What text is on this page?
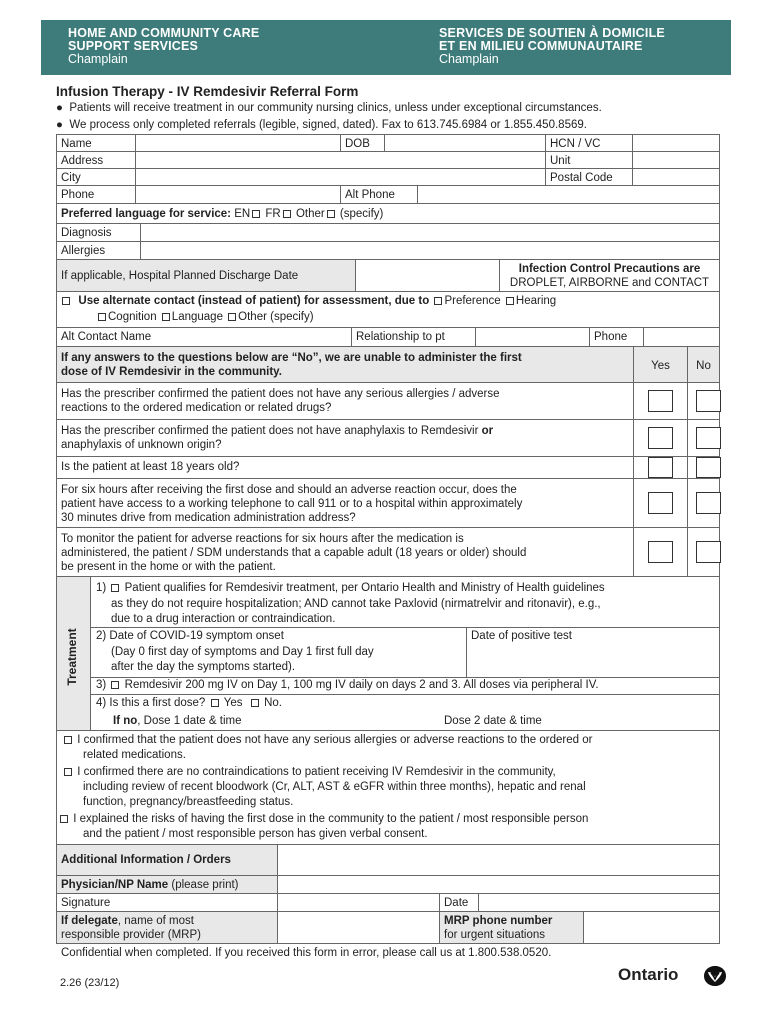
HOME AND COMMUNITY CARE
SUPPORT SERVICES
Champlain
SERVICES DE SOUTIEN À DOMICILE
ET EN MILIEU COMMUNAUTAIRE
Champlain
Infusion Therapy - IV Remdesivir Referral Form
●  Patients will receive treatment in our community nursing clinics, unless under exceptional circumstances.
●  We process only completed referrals (legible, signed, dated). Fax to 613.745.6984 or 1.855.450.8569.
Name	DOB	HCN / VC
Address	Unit
City	Postal Code
Phone	Alt Phone
Preferred language for service: EN FR Other (specify)
Diagnosis
Allergies
If applicable, Hospital Planned Discharge Date
Infection Control Precautions are
DROPLET, AIRBORNE and CONTACT
Use alternate contact (instead of patient) for assessment, due to Preference Hearing
Cognition Language Other (specify)
Alt Contact Name	Relationship to pt	Phone
If any answers to the questions below are “No”, we are unable to administer the first
dose of IV Remdesivir in the community.	Yes	No
Has the prescriber confirmed the patient does not have any serious allergies / adverse
reactions to the ordered medication or related drugs?
Has the prescriber confirmed the patient does not have anaphylaxis to Remdesivir or
anaphylaxis of unknown origin?
Is the patient at least 18 years old?
For six hours after receiving the first dose and should an adverse reaction occur, does the
patient have access to a working telephone to call 911 or to a hospital within approximately
30 minutes drive from medication administration address?
To monitor the patient for adverse reactions for six hours after the medication is
administered, the patient / SDM understands that a capable adult (18 years or older) should
be present in the home or with the patient.
Treatment
1) Patient qualifies for Remdesivir treatment, per Ontario Health and Ministry of Health guidelines
as they do not require hospitalization; AND cannot take Paxlovid (nirmatrelvir and ritonavir), e.g.,
due to a drug interaction or contraindication.
2) Date of COVID-19 symptom onset
(Day 0 first day of symptoms and Day 1 first full day
after the day the symptoms started).
Date of positive test
3) Remdesivir 200 mg IV on Day 1, 100 mg IV daily on days 2 and 3. All doses via peripheral IV.
4) Is this a first dose? Yes No.
If no, Dose 1 date & time	Dose 2 date & time
I confirmed that the patient does not have any serious allergies or adverse reactions to the ordered or
related medications.
I confirmed there are no contraindications to patient receiving IV Remdesivir in the community,
including review of recent bloodwork (Cr, ALT, AST & eGFR within three months), hepatic and renal
function, pregnancy/breastfeeding status.
I explained the risks of having the first dose in the community to the patient / most responsible person
and the patient / most responsible person has given verbal consent.
Additional Information / Orders
Physician/NP Name (please print)
Signature	Date
If delegate, name of most
responsible provider (MRP)
MRP phone number
for urgent situations
Confidential when completed. If you received this form in error, please call us at 1.800.538.0520.
2.26 (23/12)	Ontario
